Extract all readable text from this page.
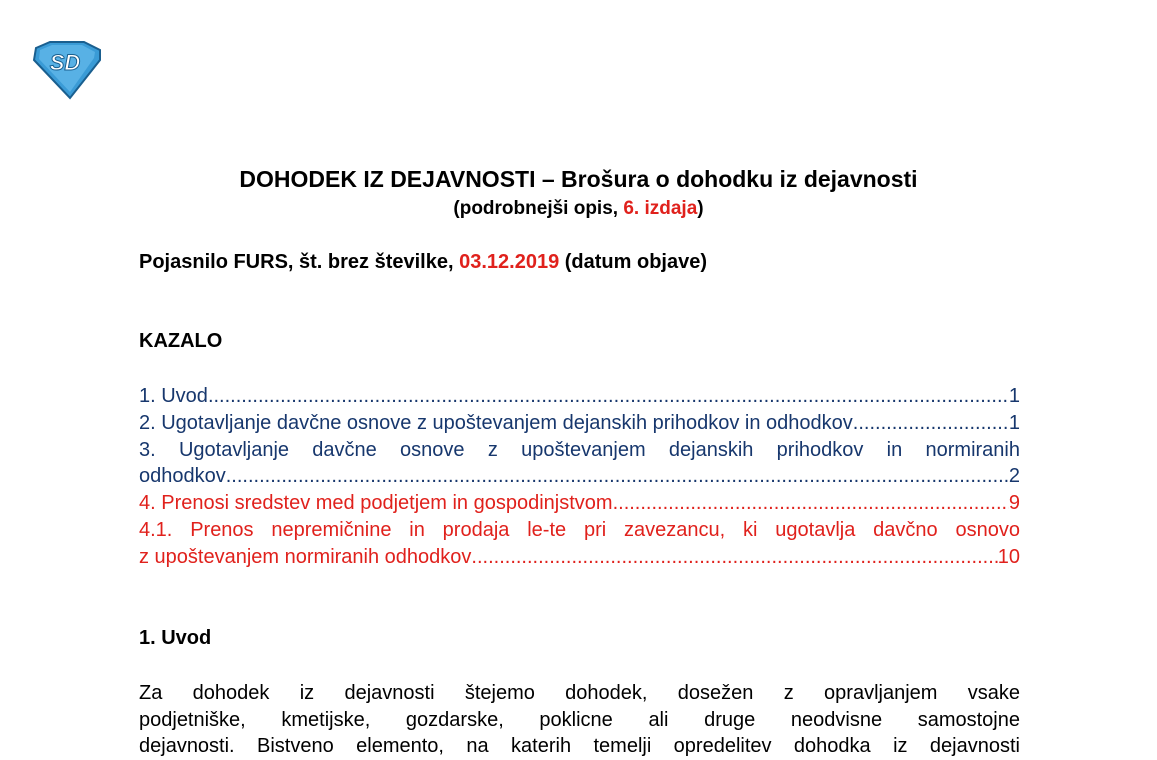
SD
DOHODEK IZ DEJAVNOSTI – Brošura o dohodku iz dejavnosti
(podrobnejši opis, 6. izdaja)
Pojasnilo FURS, št. brez številke, 03.12.2019 (datum objave)
KAZALO
1. Uvod .....	1
2. Ugotavljanje davčne osnove z upoštevanjem dejanskih prihodkov in odhodkov .....	1
3. Ugotavljanje davčne osnove z upoštevanjem dejanskih prihodkov in normiranih
odhodkov .....	2
4. Prenosi sredstev med podjetjem in gospodinjstvom .....	9
4.1. Prenos nepremičnine in prodaja le-te pri zavezancu, ki ugotavlja davčno osnovo
z upoštevanjem normiranih odhodkov .....	10
1. Uvod
Za dohodek iz dejavnosti štejemo dohodek, dosežen z opravljanjem vsake
podjetniške, kmetijske, gozdarske, poklicne ali druge neodvisne samostojne
dejavnosti. Bistveno elemento, na katerih temelji opredelitev dohodka iz dejavnosti
